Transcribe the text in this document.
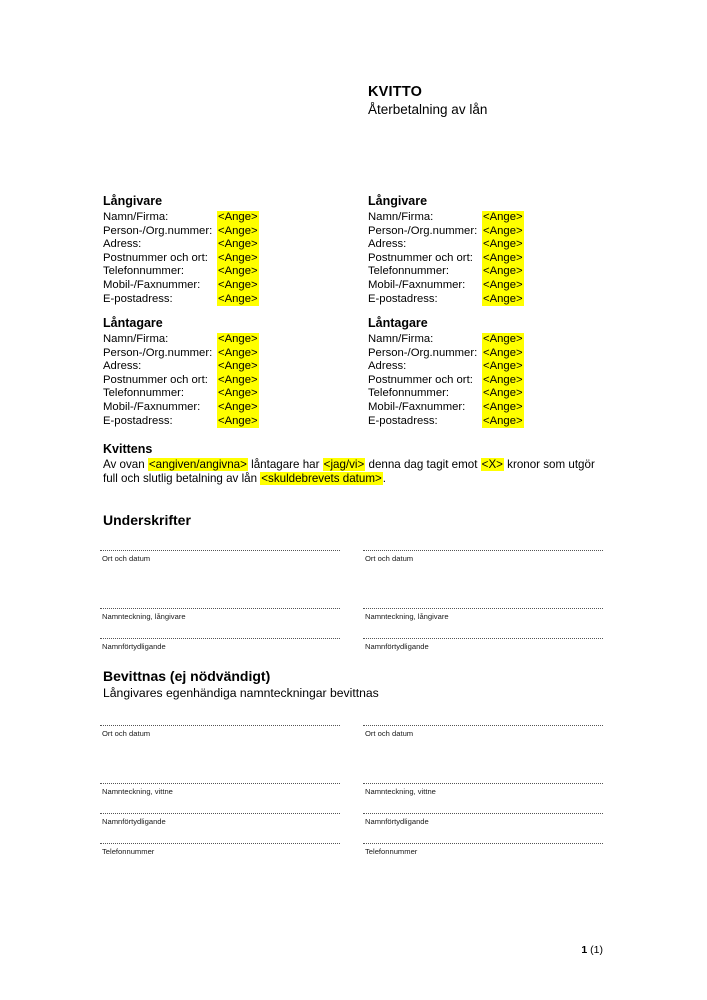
KVITTO
Återbetalning av lån
Långivare
Namn/Firma:	<Ange>
Person-/Org.nummer: <Ange>
Adress:	<Ange>
Postnummer och ort: <Ange>
Telefonnummer:	<Ange>
Mobil-/Faxnummer:	<Ange>
E-postadress:	<Ange>
Långivare
Namn/Firma:	<Ange>
Person-/Org.nummer: <Ange>
Adress:	<Ange>
Postnummer och ort: <Ange>
Telefonnummer:	<Ange>
Mobil-/Faxnummer:	<Ange>
E-postadress:	<Ange>
Låntagare
Namn/Firma:	<Ange>
Person-/Org.nummer: <Ange>
Adress:	<Ange>
Postnummer och ort: <Ange>
Telefonnummer:	<Ange>
Mobil-/Faxnummer:	<Ange>
E-postadress:	<Ange>
Låntagare
Namn/Firma:	<Ange>
Person-/Org.nummer: <Ange>
Adress:	<Ange>
Postnummer och ort: <Ange>
Telefonnummer:	<Ange>
Mobil-/Faxnummer:	<Ange>
E-postadress:	<Ange>
Kvittens
Av ovan <angiven/angivna> låntagare har <jag/vi> denna dag tagit emot <X> kronor som utgör full och slutlig betalning av lån <skuldebrevets datum>.
Underskrifter
Ort och datum
Namnteckning, långivare
Namnförtydligande
Ort och datum
Namnteckning, långivare
Namnförtydligande
Bevittnas (ej nödvändigt)
Långivares egenhändiga namnteckningar bevittnas
Ort och datum
Namnteckning, vittne
Namnförtydligande
Telefonnummer
Ort och datum
Namnteckning, vittne
Namnförtydligande
Telefonnummer
1 (1)
